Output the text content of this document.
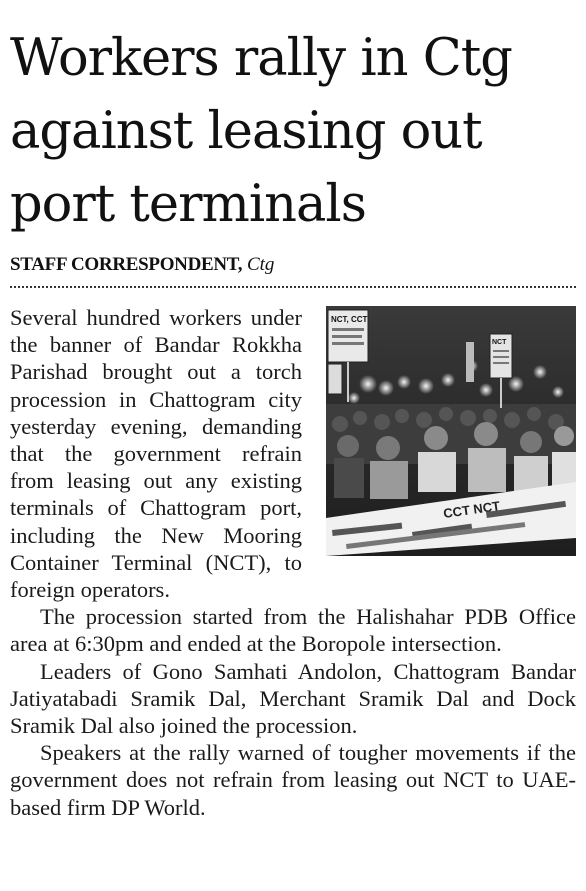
Workers rally in Ctg against leasing out port terminals
STAFF CORRESPONDENT, Ctg
NCT, CCT
NCT
CCT NCT

Several hundred workers under the banner of Bandar Rokkha Parishad brought out a torch procession in Chattogram city yesterday evening, demanding that the government refrain from leasing out any existing terminals of Chattogram port, including the New Mooring Container Terminal (NCT), to foreign operators.

The procession started from the Halishahar PDB Office area at 6:30pm and ended at the Boropole intersection.

Leaders of Gono Samhati Andolon, Chattogram Bandar Jatiyatabadi Sramik Dal, Merchant Sramik Dal and Dock Sramik Dal also joined the procession.

Speakers at the rally warned of tougher movements if the government does not refrain from leasing out NCT to UAE-based firm DP World.
